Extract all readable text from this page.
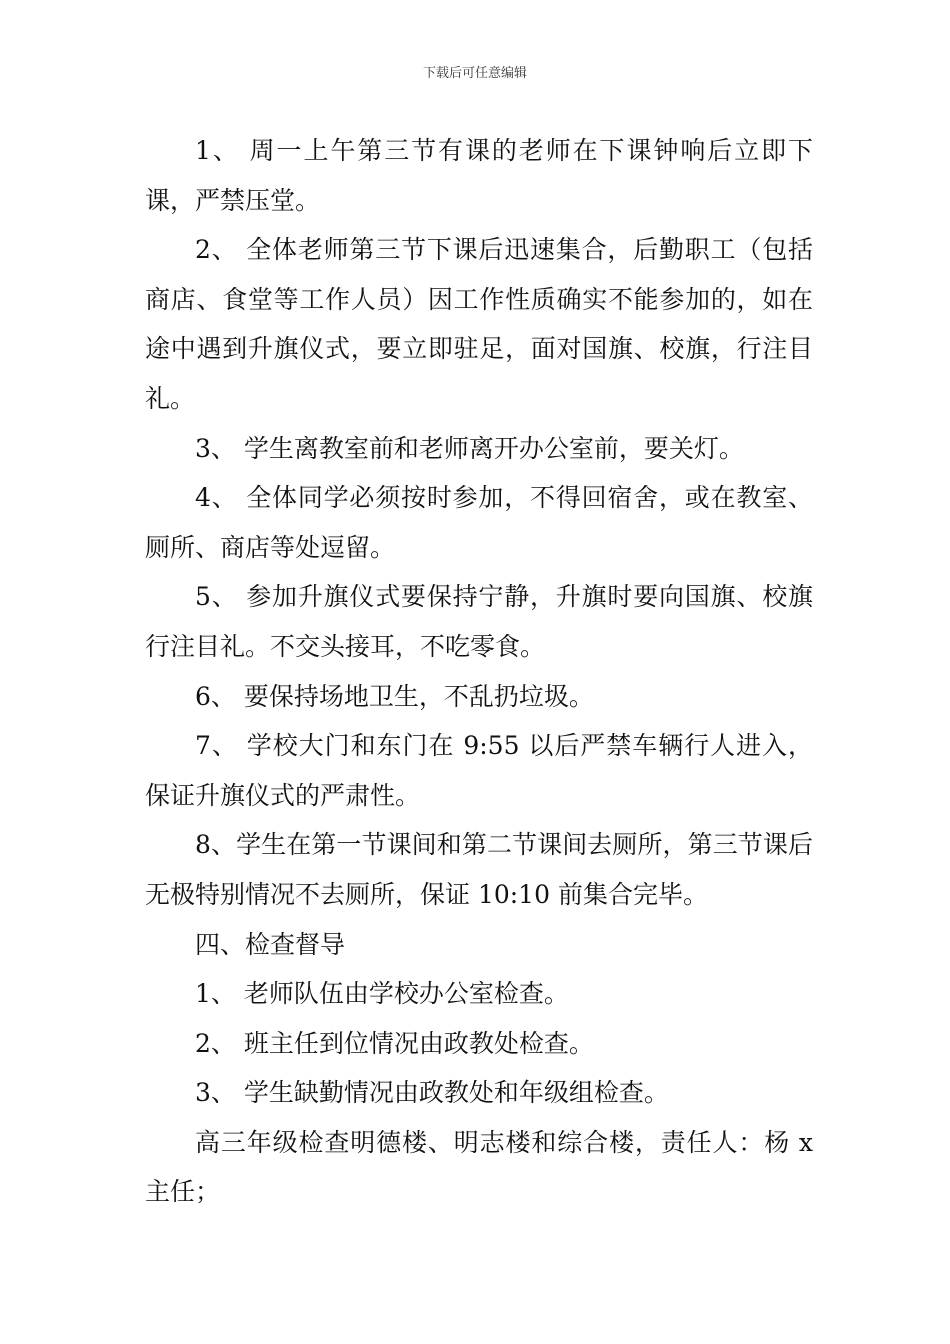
下载后可任意编辑

1、 周一上午第三节有课的老师在下课钟响后立即下课，严禁压堂。

2、 全体老师第三节下课后迅速集合，后勤职工（包括商店、食堂等工作人员）因工作性质确实不能参加的，如在途中遇到升旗仪式，要立即驻足，面对国旗、校旗，行注目礼。

3、 学生离教室前和老师离开办公室前，要关灯。

4、 全体同学必须按时参加，不得回宿舍，或在教室、厕所、商店等处逗留。

5、 参加升旗仪式要保持宁静，升旗时要向国旗、校旗行注目礼。不交头接耳，不吃零食。

6、 要保持场地卫生，不乱扔垃圾。

7、 学校大门和东门在 9:55 以后严禁车辆行人进入，保证升旗仪式的严肃性。

8、学生在第一节课间和第二节课间去厕所，第三节课后无极特别情况不去厕所，保证 10:10 前集合完毕。

四、检查督导

1、 老师队伍由学校办公室检查。

2、 班主任到位情况由政教处检查。

3、 学生缺勤情况由政教处和年级组检查。

高三年级检查明德楼、明志楼和综合楼，责任人：杨 x 主任；
